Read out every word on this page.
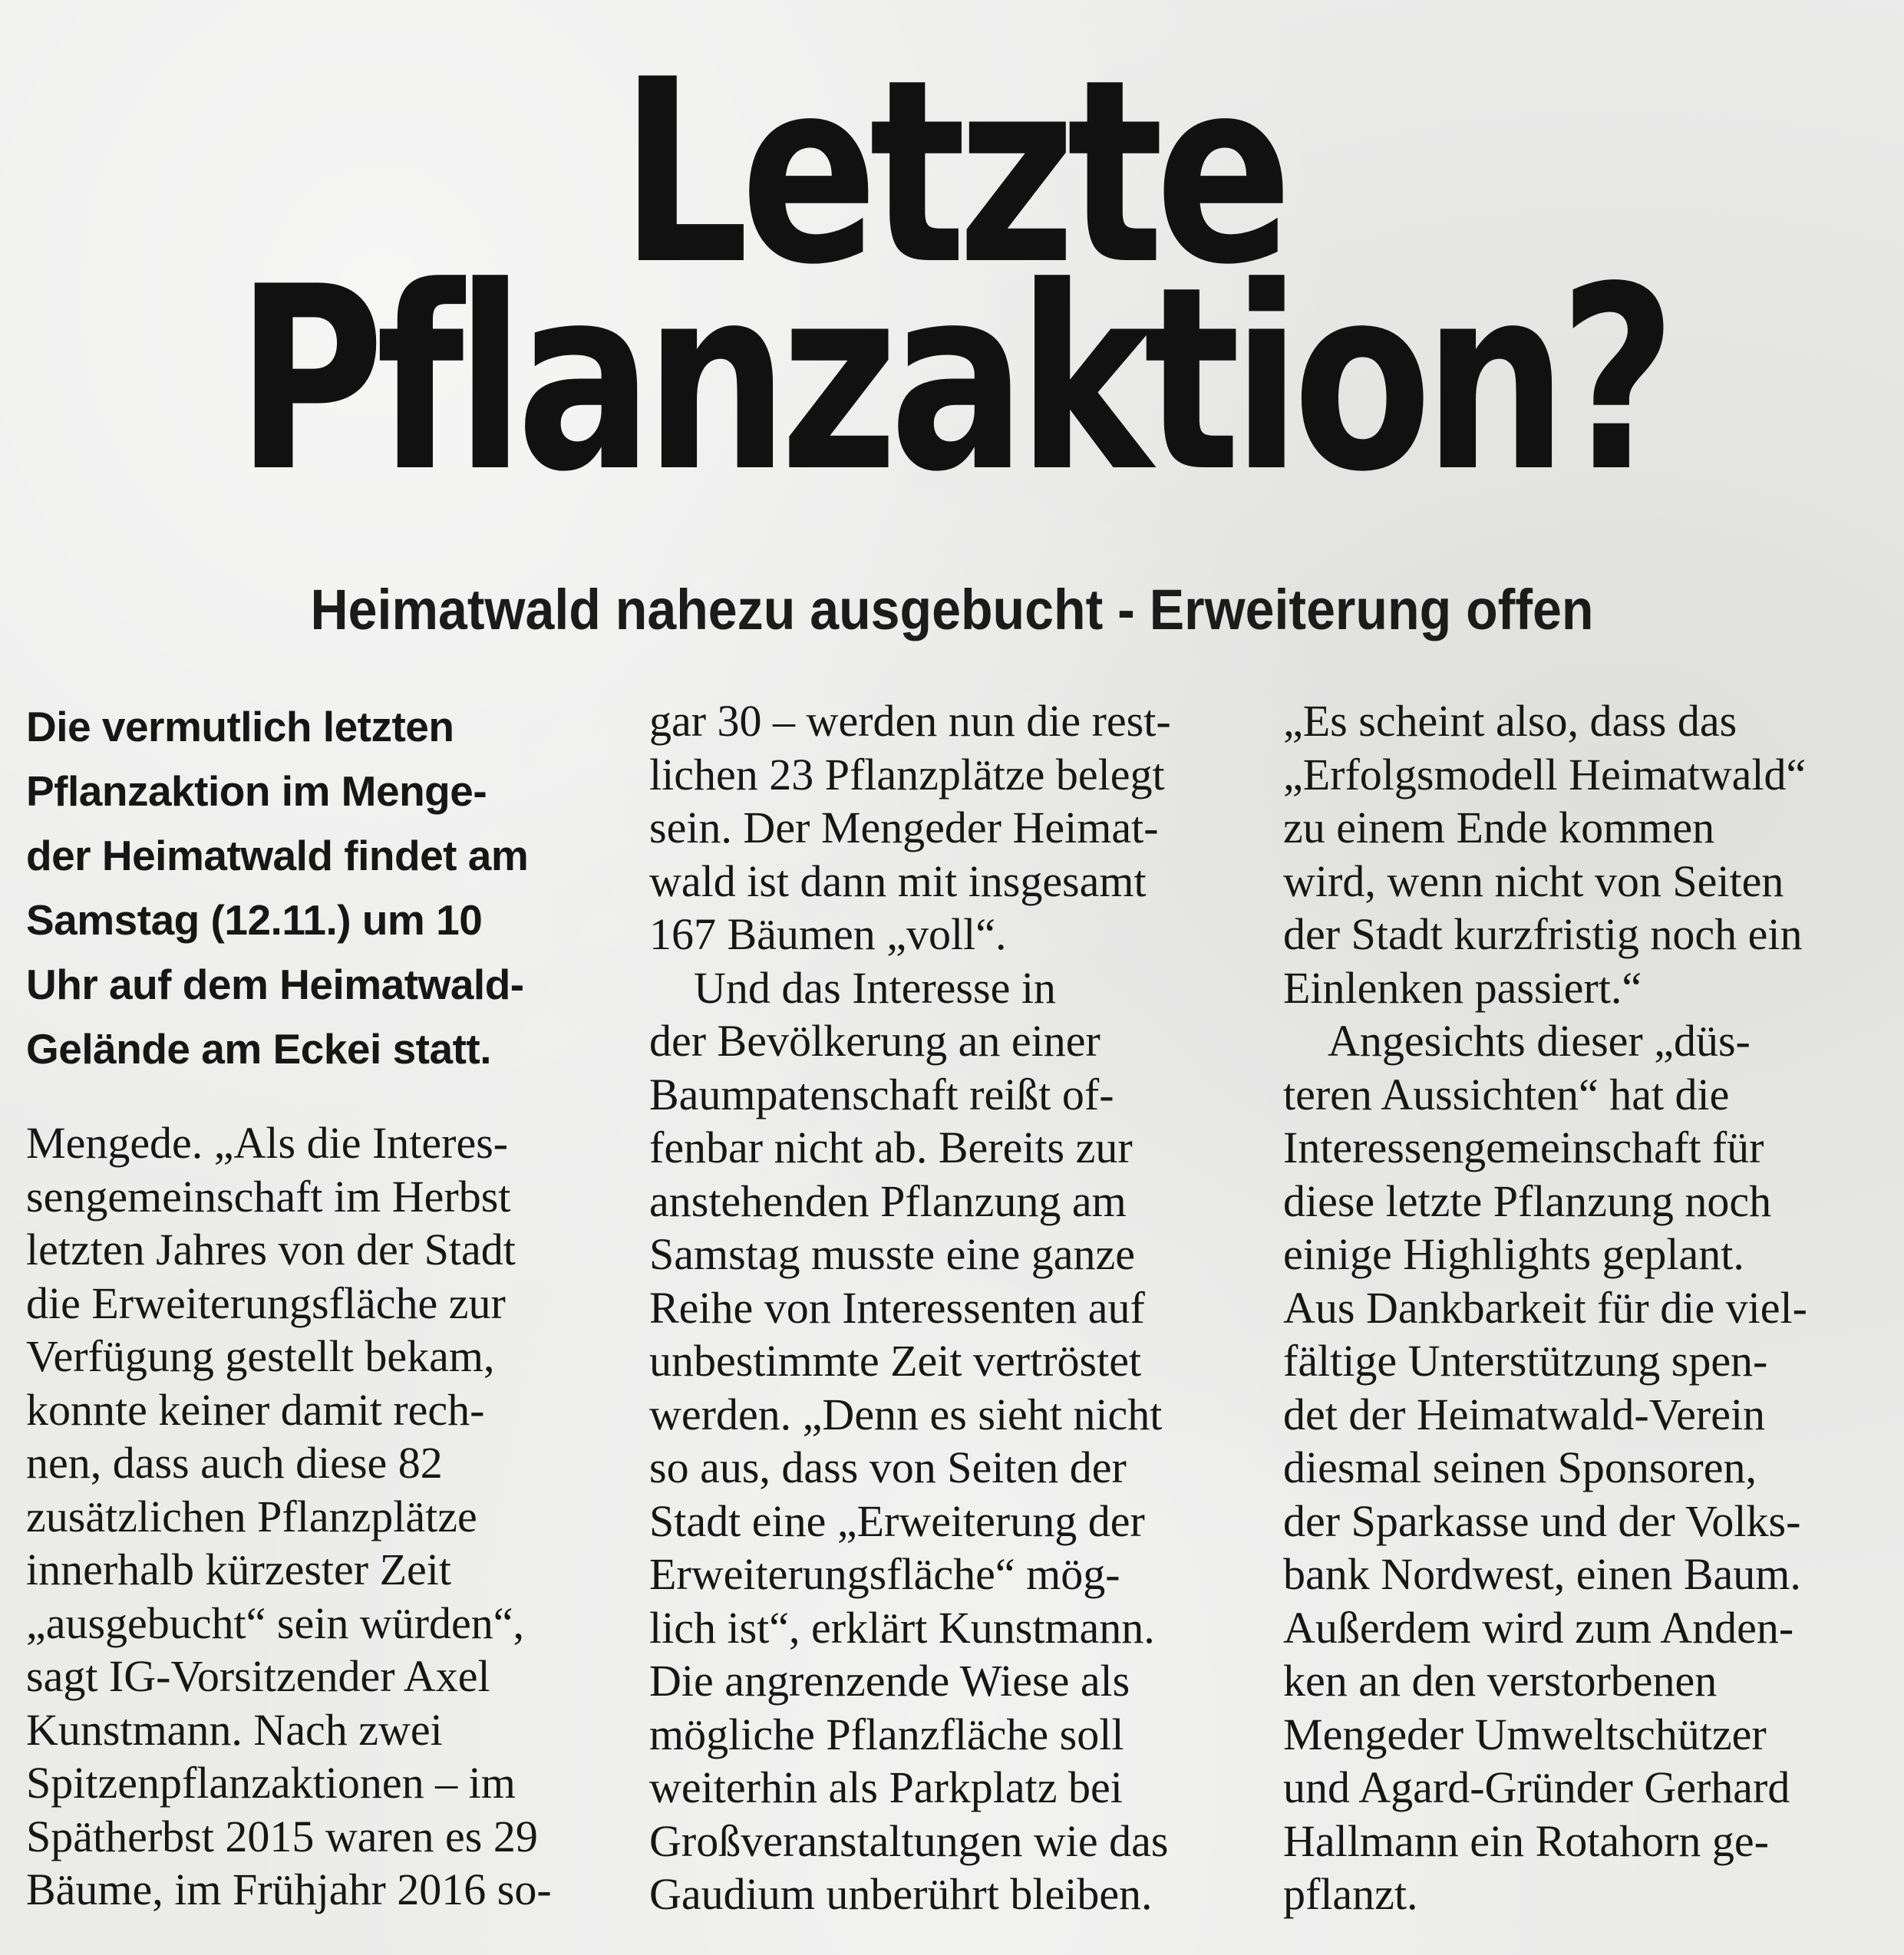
Letzte
Pflanzaktion?
Heimatwald nahezu ausgebucht - Erweiterung offen
Die vermutlich letzten
Pflanzaktion im Menge-
der Heimatwald findet am
Samstag (12.11.) um 10
Uhr auf dem Heimatwald-
Gelände am Eckei statt.
Mengede. „Als die Interes-
sengemeinschaft im Herbst
letzten Jahres von der Stadt
die Erweiterungsfläche zur
Verfügung gestellt bekam,
konnte keiner damit rech-
nen, dass auch diese 82
zusätzlichen Pflanzplätze
innerhalb kürzester Zeit
„ausgebucht“ sein würden“,
sagt IG-Vorsitzender Axel
Kunstmann. Nach zwei
Spitzenpflanzaktionen – im
Spätherbst 2015 waren es 29
Bäume, im Frühjahr 2016 so-
gar 30 – werden nun die rest-
lichen 23 Pflanzplätze belegt
sein. Der Mengeder Heimat-
wald ist dann mit insgesamt
167 Bäumen „voll“.
Und das Interesse in
der Bevölkerung an einer
Baumpatenschaft reißt of-
fenbar nicht ab. Bereits zur
anstehenden Pflanzung am
Samstag musste eine ganze
Reihe von Interessenten auf
unbestimmte Zeit vertröstet
werden. „Denn es sieht nicht
so aus, dass von Seiten der
Stadt eine „Erweiterung der
Erweiterungsfläche“ mög-
lich ist“, erklärt Kunstmann.
Die angrenzende Wiese als
mögliche Pflanzfläche soll
weiterhin als Parkplatz bei
Großveranstaltungen wie das
Gaudium unberührt bleiben.
„Es scheint also, dass das
„Erfolgsmodell Heimatwald“
zu einem Ende kommen
wird, wenn nicht von Seiten
der Stadt kurzfristig noch ein
Einlenken passiert.“
Angesichts dieser „düs-
teren Aussichten“ hat die
Interessengemeinschaft für
diese letzte Pflanzung noch
einige Highlights geplant.
Aus Dankbarkeit für die viel-
fältige Unterstützung spen-
det der Heimatwald-Verein
diesmal seinen Sponsoren,
der Sparkasse und der Volks-
bank Nordwest, einen Baum.
Außerdem wird zum Anden-
ken an den verstorbenen
Mengeder Umweltschützer
und Agard-Gründer Gerhard
Hallmann ein Rotahorn ge-
pflanzt.
